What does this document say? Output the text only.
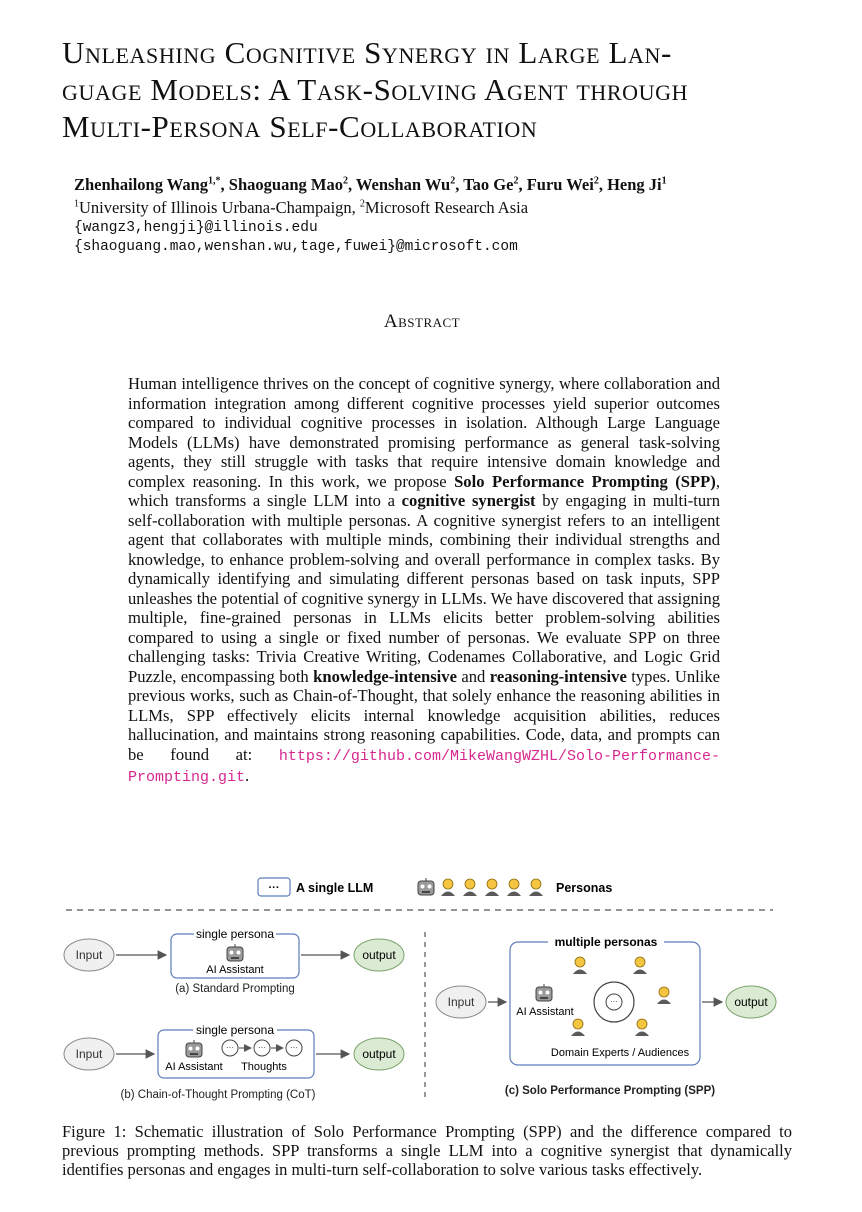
Unleashing Cognitive Synergy in Large Lan-
guage Models: A Task-Solving Agent through
Multi-Persona Self-Collaboration
Zhenhailong Wang$^{1,*}$, Shaoguang Mao$^2$, Wenshan Wu$^2$, Tao Ge$^2$, Furu Wei$^2$, Heng Ji$^1$
$^1$University of Illinois Urbana-Champaign, $^2$Microsoft Research Asia
{wangz3,hengji}@illinois.edu
{shaoguang.mao,wenshan.wu,tage,fuwei}@microsoft.com
Abstract
Human intelligence thrives on the concept of cognitive synergy, where collaboration and information integration among different cognitive processes yield superior outcomes compared to individual cognitive processes in isolation. Although Large Language Models (LLMs) have demonstrated promising performance as general task-solving agents, they still struggle with tasks that require intensive domain knowledge and complex reasoning. In this work, we propose Solo Performance Prompting (SPP), which transforms a single LLM into a cognitive synergist by engaging in multi-turn self-collaboration with multiple personas. A cognitive synergist refers to an intelligent agent that collaborates with multiple minds, combining their individual strengths and knowledge, to enhance problem-solving and overall performance in complex tasks. By dynamically identifying and simulating different personas based on task inputs, SPP unleashes the potential of cognitive synergy in LLMs. We have discovered that assigning multiple, fine-grained personas in LLMs elicits better problem-solving abilities compared to using a single or fixed number of personas. We evaluate SPP on three challenging tasks: Trivia Creative Writing, Codenames Collaborative, and Logic Grid Puzzle, encompassing both knowledge-intensive and reasoning-intensive types. Unlike previous works, such as Chain-of-Thought, that solely enhance the reasoning abilities in LLMs, SPP effectively elicits internal knowledge acquisition abilities, reduces hallucination, and maintains strong reasoning capabilities. Code, data, and prompts can be found at: https://github.com/MikeWangWZHL/Solo-Performance-Prompting.git.
···
··· A single LLM	Personas
Input
single persona
AI Assistant
output
(a) Standard Prompting
Input
single persona
AI Assistant Thoughts
output
(b) Chain-of-Thought Prompting (CoT)
Input
multiple personas
AI Assistant
Domain Experts / Audiences
output
(c) Solo Performance Prompting (SPP)
Figure 1: Schematic illustration of Solo Performance Prompting (SPP) and the difference compared to previous prompting methods. SPP transforms a single LLM into a cognitive synergist that dynamically identifies personas and engages in multi-turn self-collaboration to solve various tasks effectively.
